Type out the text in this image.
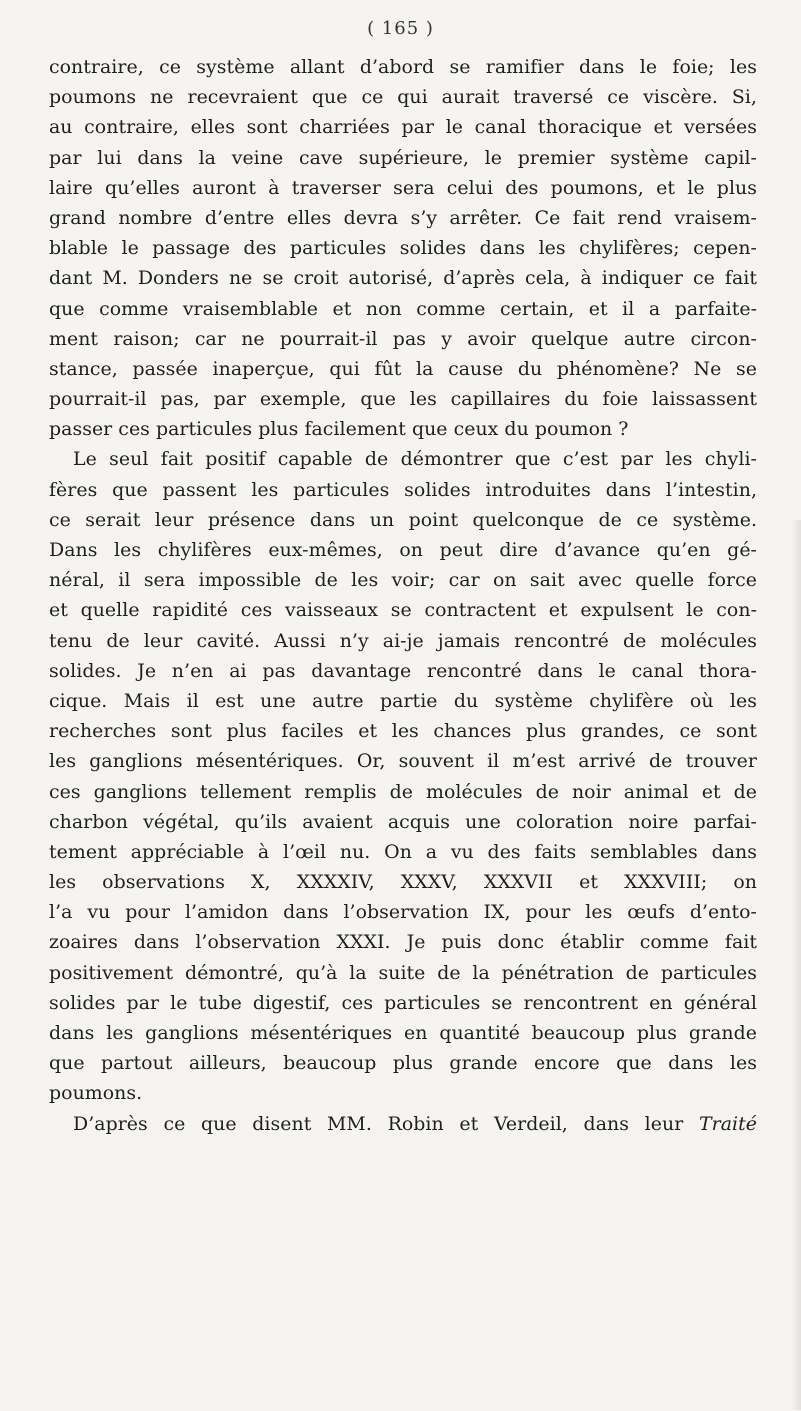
( 165 )
contraire, ce système allant d’abord se ramifier dans le foie; les
poumons ne recevraient que ce qui aurait traversé ce viscère. Si,
au contraire, elles sont charriées par le canal thoracique et versées
par lui dans la veine cave supérieure, le premier système capil-
laire qu’elles auront à traverser sera celui des poumons, et le plus
grand nombre d’entre elles devra s’y arrêter. Ce fait rend vraisem-
blable le passage des particules solides dans les chylifères; cepen-
dant M. Donders ne se croit autorisé, d’après cela, à indiquer ce fait
que comme vraisemblable et non comme certain, et il a parfaite-
ment raison; car ne pourrait-il pas y avoir quelque autre circon-
stance, passée inaperçue, qui fût la cause du phénomène? Ne se
pourrait-il pas, par exemple, que les capillaires du foie laissassent
passer ces particules plus facilement que ceux du poumon ?
Le seul fait positif capable de démontrer que c’est par les chyli-
fères que passent les particules solides introduites dans l’intestin,
ce serait leur présence dans un point quelconque de ce système.
Dans les chylifères eux-mêmes, on peut dire d’avance qu’en gé-
néral, il sera impossible de les voir; car on sait avec quelle force
et quelle rapidité ces vaisseaux se contractent et expulsent le con-
tenu de leur cavité. Aussi n’y ai-je jamais rencontré de molécules
solides. Je n’en ai pas davantage rencontré dans le canal thora-
cique. Mais il est une autre partie du système chylifère où les
recherches sont plus faciles et les chances plus grandes, ce sont
les ganglions mésentériques. Or, souvent il m’est arrivé de trouver
ces ganglions tellement remplis de molécules de noir animal et de
charbon végétal, qu’ils avaient acquis une coloration noire parfai-
tement appréciable à l’œil nu. On a vu des faits semblables dans
les observations X, XXXXIV, XXXV, XXXVII et XXXVIII; on
l’a vu pour l’amidon dans l’observation IX, pour les œufs d’ento-
zoaires dans l’observation XXXI. Je puis donc établir comme fait
positivement démontré, qu’à la suite de la pénétration de particules
solides par le tube digestif, ces particules se rencontrent en général
dans les ganglions mésentériques en quantité beaucoup plus grande
que partout ailleurs, beaucoup plus grande encore que dans les
poumons.
D’après ce que disent MM. Robin et Verdeil, dans leur Traité
